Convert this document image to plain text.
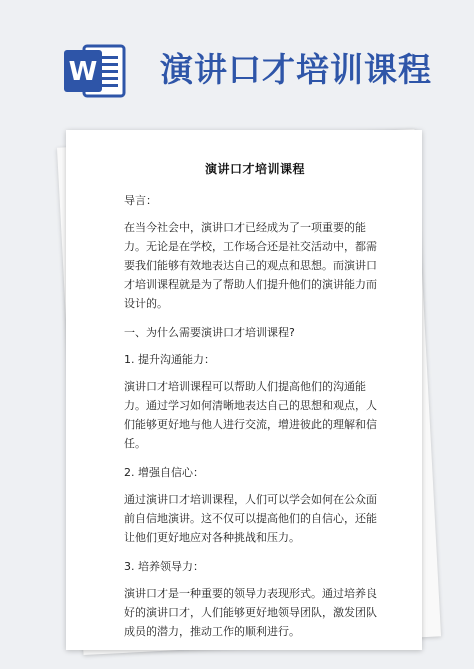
W 演讲口才培训课程
演讲口才培训课程
导言：
在当今社会中，演讲口才已经成为了一项重要的能力。无论是在学校，工作场合还是社交活动中，都需要我们能够有效地表达自己的观点和思想。而演讲口才培训课程就是为了帮助人们提升他们的演讲能力而设计的。
一、为什么需要演讲口才培训课程?
1. 提升沟通能力：
演讲口才培训课程可以帮助人们提高他们的沟通能力。通过学习如何清晰地表达自己的思想和观点，人们能够更好地与他人进行交流，增进彼此的理解和信任。
2. 增强自信心：
通过演讲口才培训课程，人们可以学会如何在公众面前自信地演讲。这不仅可以提高他们的自信心，还能让他们更好地应对各种挑战和压力。
3. 培养领导力：
演讲口才是一种重要的领导力表现形式。通过培养良好的演讲口才，人们能够更好地领导团队，激发团队成员的潜力，推动工作的顺利进行。
